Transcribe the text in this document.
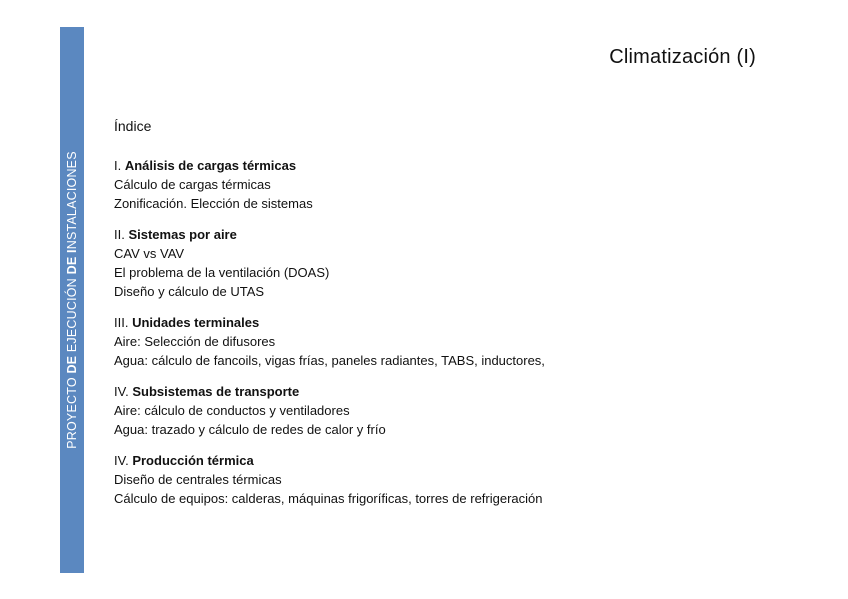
PROYECTO DE EJECUCIÓN DE INSTALACIONES
Climatización (I)
Índice
I. Análisis de cargas térmicas
Cálculo de cargas térmicas
Zonificación. Elección de sistemas
II. Sistemas por aire
CAV vs VAV
El problema de la ventilación (DOAS)
Diseño y cálculo de UTAS
III. Unidades terminales
Aire: Selección de difusores
Agua: cálculo de fancoils, vigas frías, paneles radiantes, TABS, inductores,
IV. Subsistemas de transporte
Aire: cálculo de conductos y ventiladores
Agua: trazado y cálculo de redes de calor y frío
IV. Producción térmica
Diseño de centrales térmicas
Cálculo de equipos: calderas, máquinas frigoríficas, torres de refrigeración
